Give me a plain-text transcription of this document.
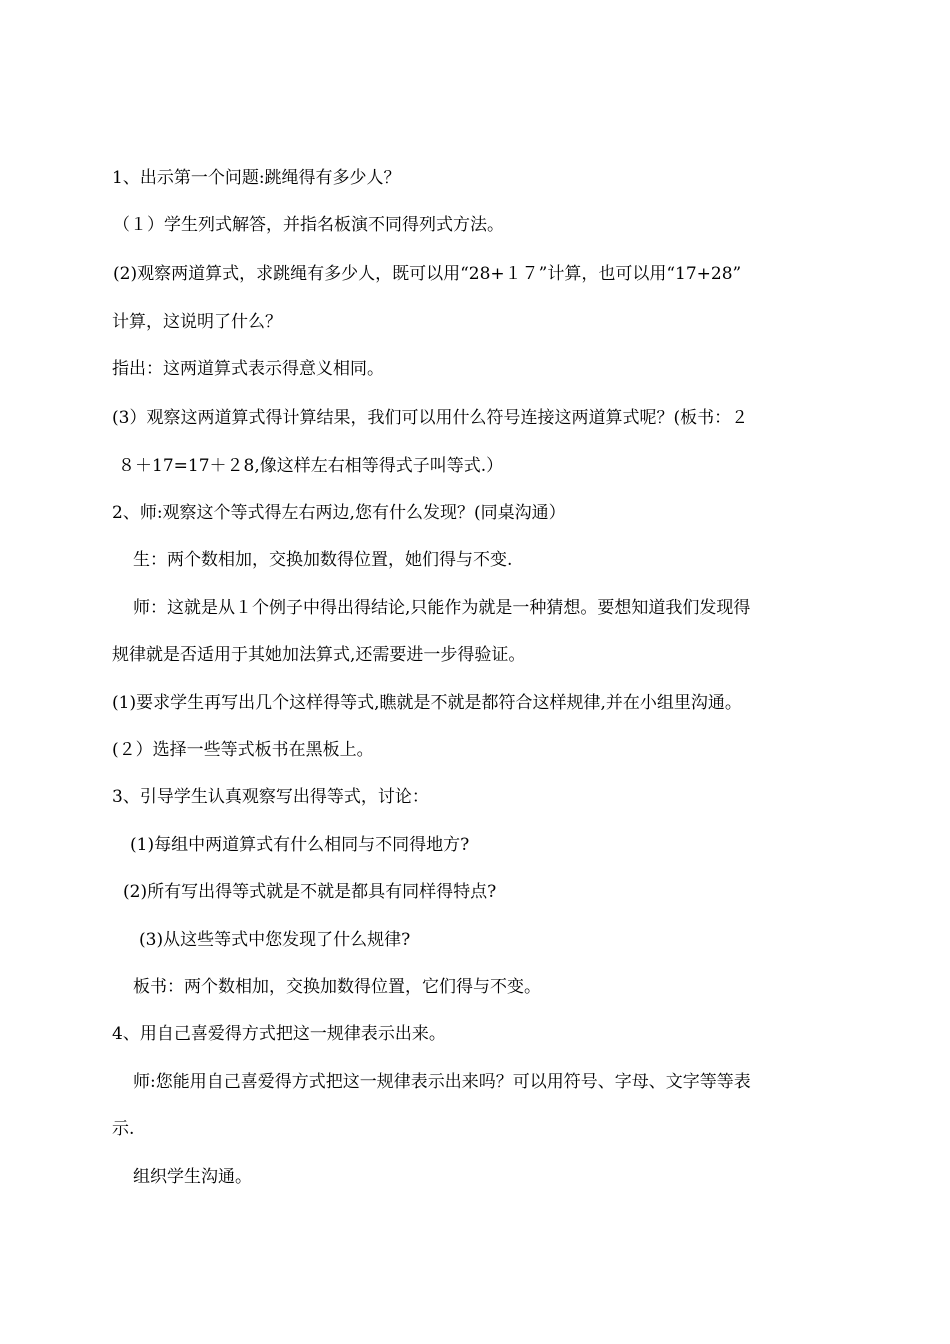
1、出示第一个问题:跳绳得有多少人？
（１）学生列式解答，并指名板演不同得列式方法。
(2)观察两道算式，求跳绳有多少人，既可以用“28+１７”计算，也可以用“17+28”
计算，这说明了什么？
指出：这两道算式表示得意义相同。
(3）观察这两道算式得计算结果，我们可以用什么符号连接这两道算式呢？(板书：２
８＋17=17＋２8,像这样左右相等得式子叫等式.）
2、师:观察这个等式得左右两边,您有什么发现？(同桌沟通）
生：两个数相加，交换加数得位置，她们得与不变.
师：这就是从１个例子中得出得结论,只能作为就是一种猜想。要想知道我们发现得
规律就是否适用于其她加法算式,还需要进一步得验证。
(1)要求学生再写出几个这样得等式,瞧就是不就是都符合这样规律,并在小组里沟通。
(２）选择一些等式板书在黑板上。
3、引导学生认真观察写出得等式，讨论：
(1)每组中两道算式有什么相同与不同得地方?
(2)所有写出得等式就是不就是都具有同样得特点?
(3)从这些等式中您发现了什么规律?
板书：两个数相加，交换加数得位置，它们得与不变。
4、用自己喜爱得方式把这一规律表示出来。
师:您能用自己喜爱得方式把这一规律表示出来吗？可以用符号、字母、文字等等表
示.
组织学生沟通。
